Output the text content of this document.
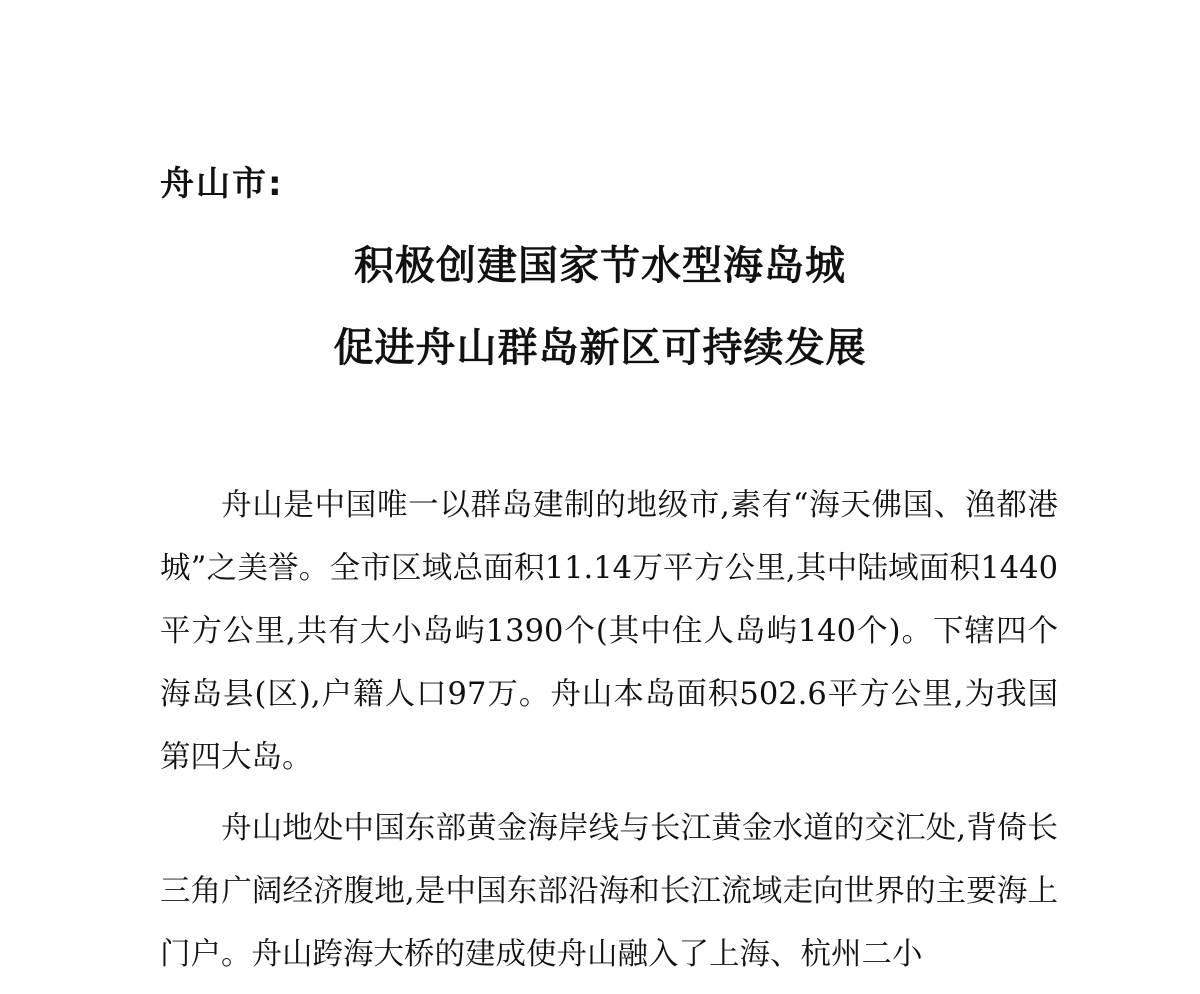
舟山市:
积极创建国家节水型海岛城
促进舟山群岛新区可持续发展

舟山是中国唯一以群岛建制的地级市,素有“海天佛国、渔都港城”之美誉。全市区域总面积11.14万平方公里,其中陆域面积1440平方公里,共有大小岛屿1390个(其中住人岛屿140个)。下辖四个海岛县(区),户籍人口97万。舟山本岛面积502.6平方公里,为我国第四大岛。

舟山地处中国东部黄金海岸线与长江黄金水道的交汇处,背倚长三角广阔经济腹地,是中国东部沿海和长江流域走向世界的主要海上门户。舟山跨海大桥的建成使舟山融入了上海、杭州二小
